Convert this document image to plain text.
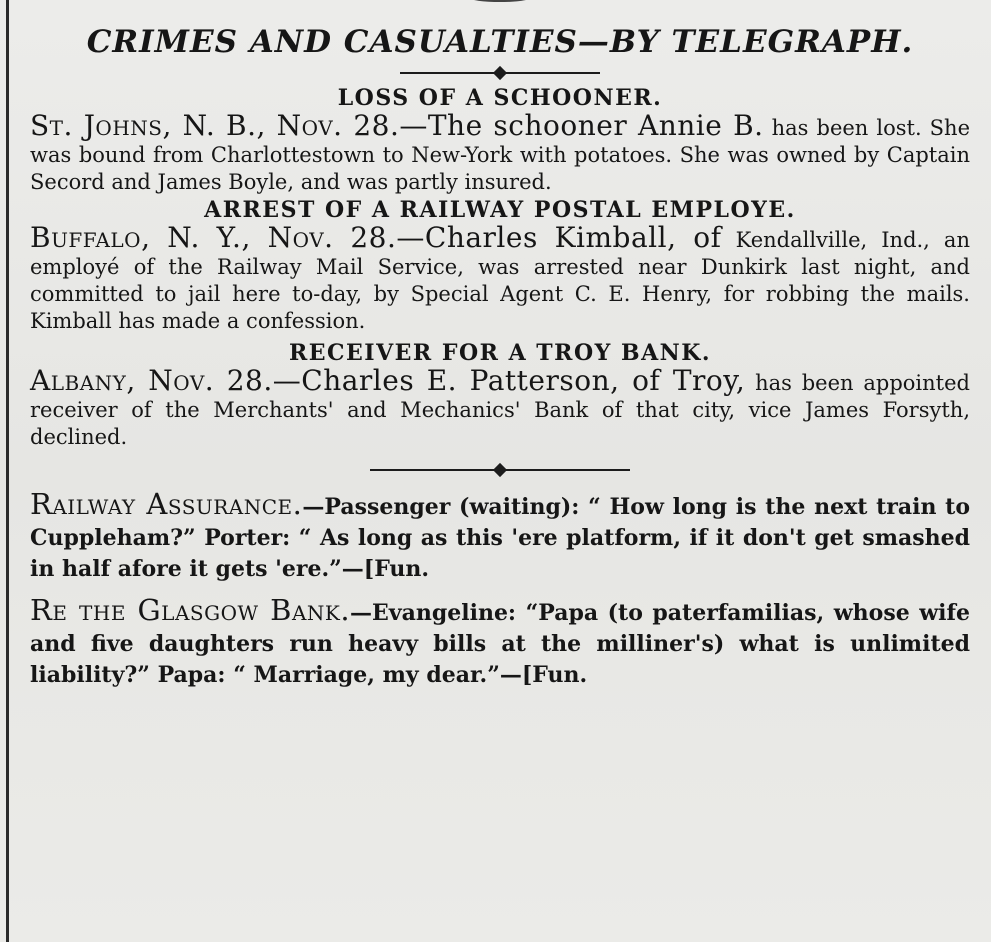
CRIMES AND CASUALTIES—BY TELEGRAPH.
LOSS OF A SCHOONER.

St. Johns, N. B., Nov. 28.—The schooner Annie B. has been lost. She was bound from Charlottestown to New-York with potatoes. She was owned by Captain Secord and James Boyle, and was partly insured.

ARREST OF A RAILWAY POSTAL EMPLOYE.

Buffalo, N. Y., Nov. 28.—Charles Kimball, of Kendallville, Ind., an employé of the Railway Mail Service, was arrested near Dunkirk last night, and committed to jail here to-day, by Special Agent C. E. Henry, for robbing the mails. Kimball has made a confession.

RECEIVER FOR A TROY BANK.

Albany, Nov. 28.—Charles E. Patterson, of Troy, has been appointed receiver of the Merchants' and Mechanics' Bank of that city, vice James Forsyth, declined.

Railway Assurance.—Passenger (waiting): “ How long is the next train to Cuppleham?” Porter: “ As long as this 'ere platform, if it don't get smashed in half afore it gets 'ere.”—[Fun.

Re the Glasgow Bank.—Evangeline: “Papa (to paterfamilias, whose wife and five daughters run heavy bills at the milliner's) what is unlimited liability?” Papa: “ Marriage, my dear.”—[Fun.
